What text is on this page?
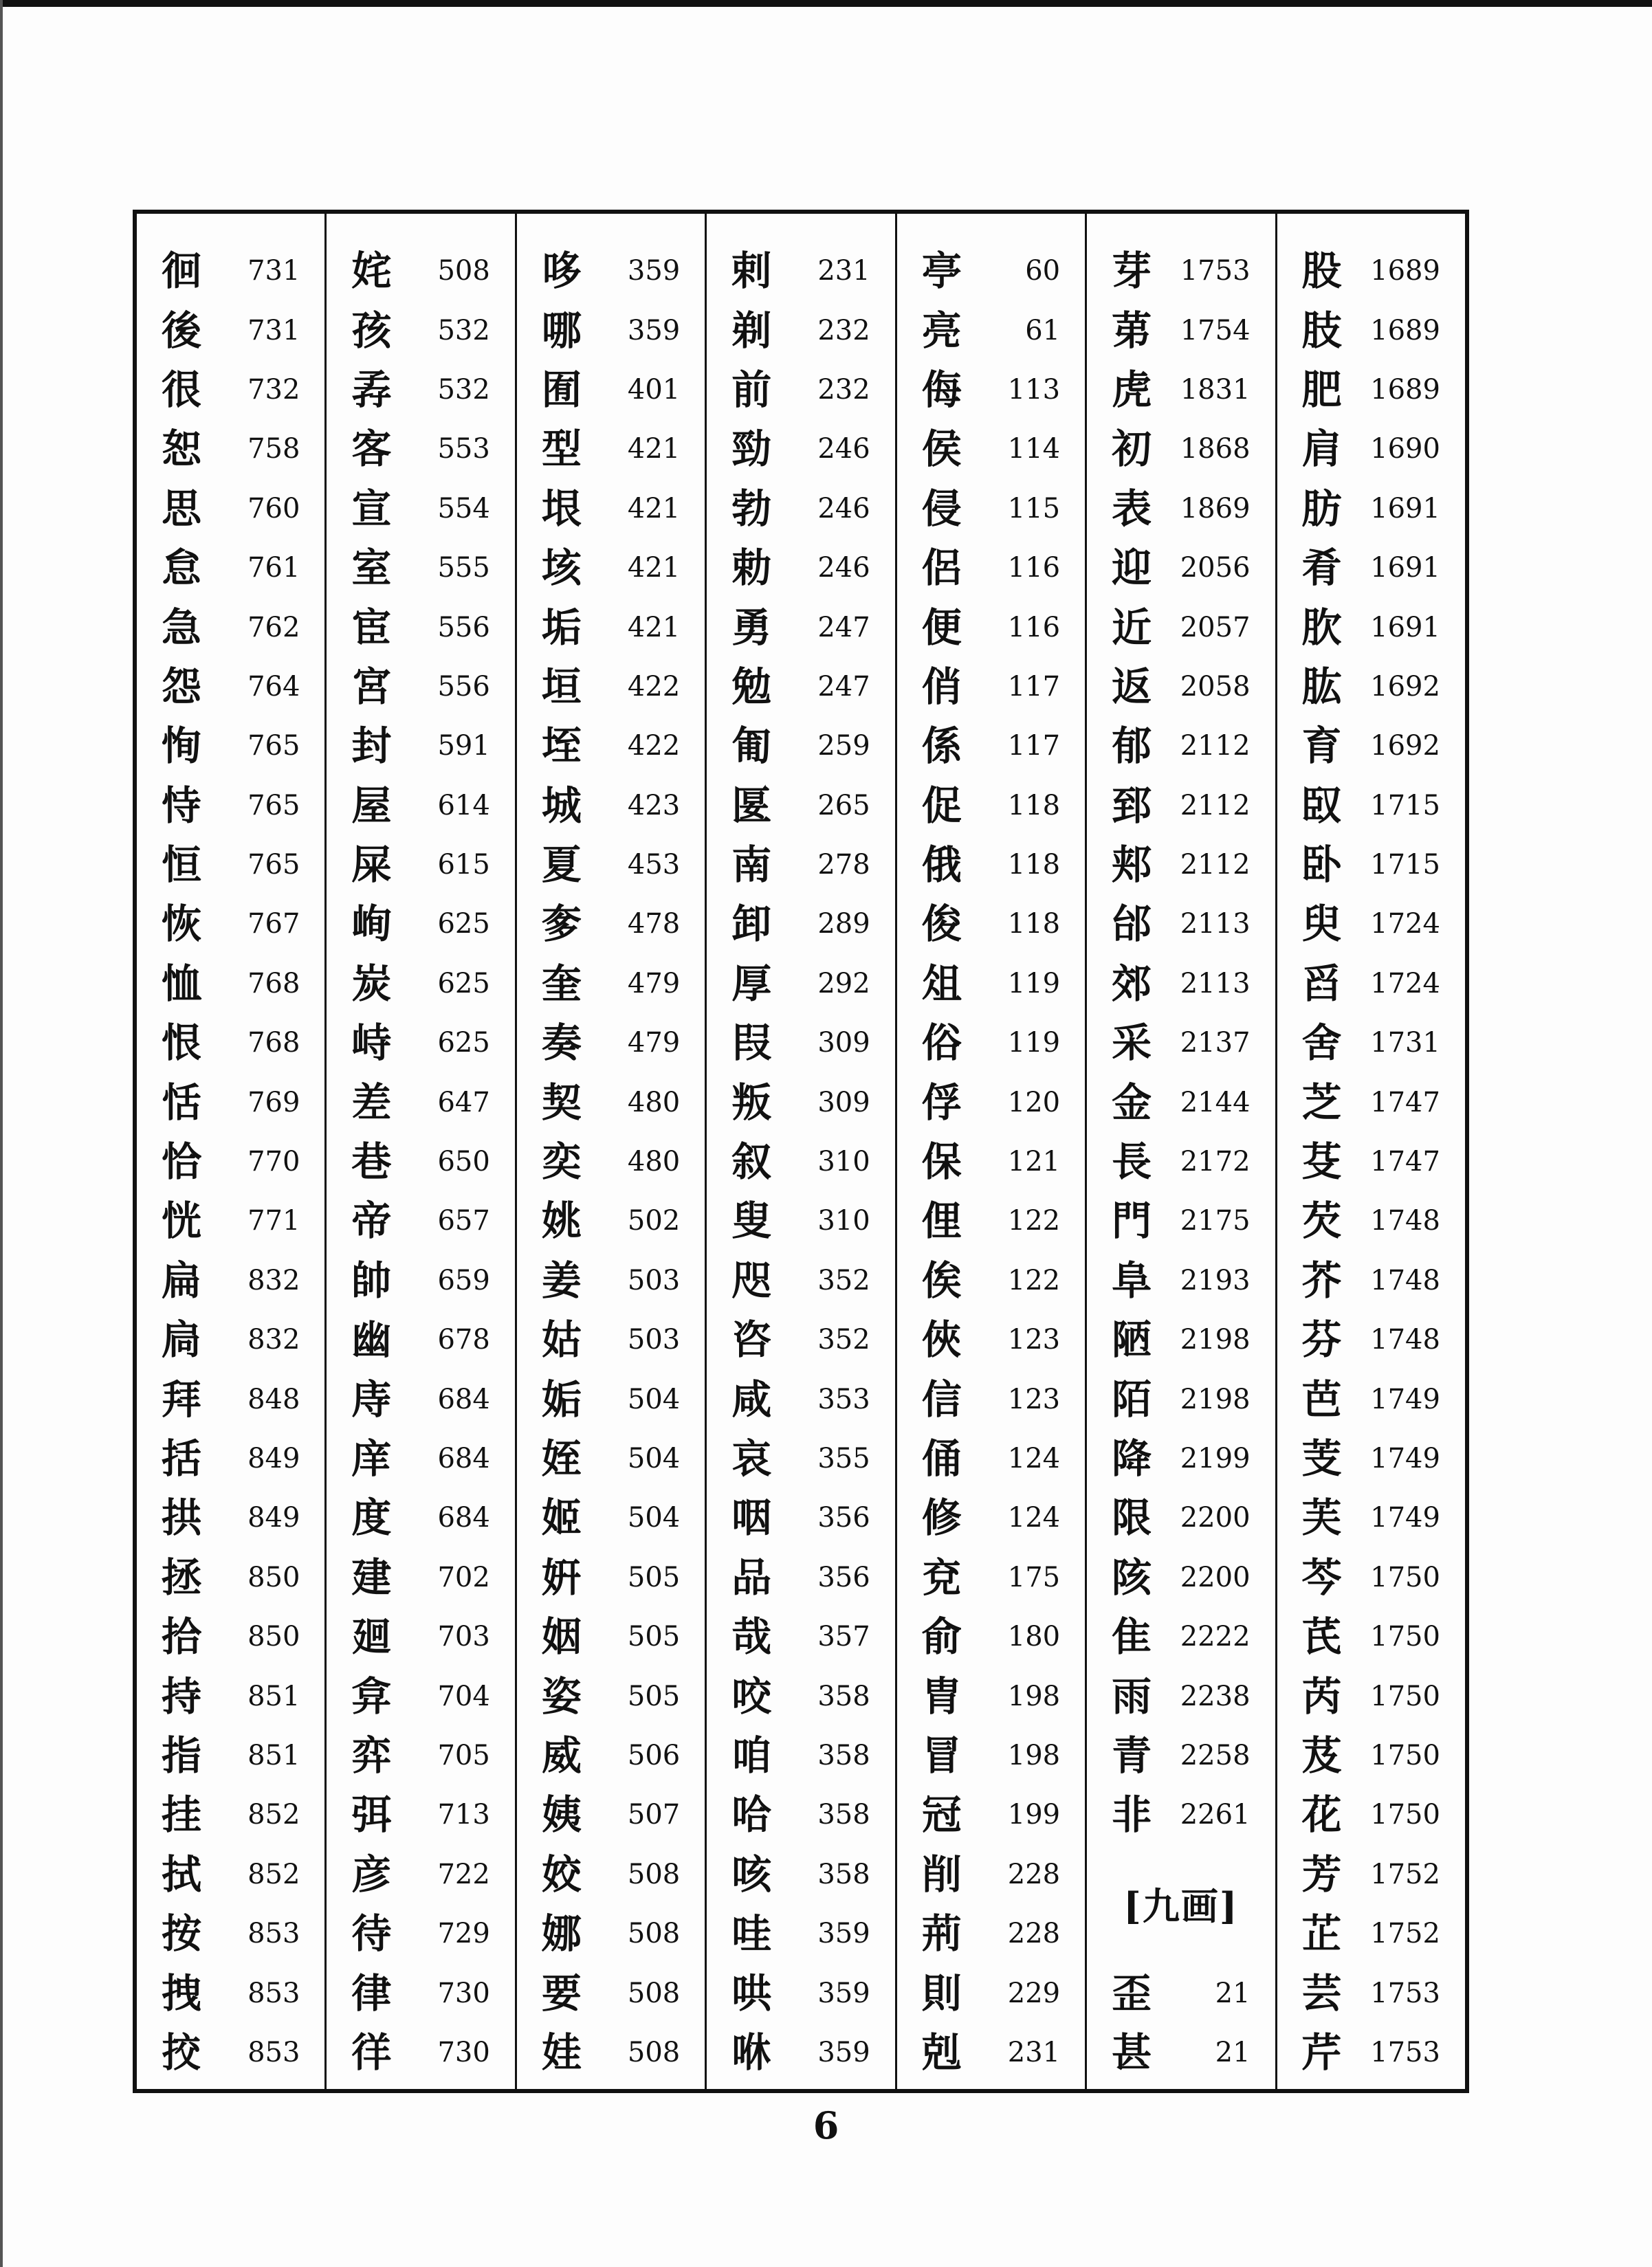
徊 731
後 731
很 732
恕 758
思 760
怠 761
急 762
怨 764
恂 765
恃 765
恒 765
恢 767
恤 768
恨 768
恬 769
恰 770
恍 771
扁 832
扃 832
拜 848
括 849
拱 849
拯 850
拾 850
持 851
指 851
挂 852
拭 852
按 853
拽 853
挍 853
姹 508
孩 532
孨 532
客 553
宣 554
室 555
宦 556
宮 556
封 591
屋 614
屎 615
峋 625
炭 625
峙 625
差 647
巷 650
帝 657
帥 659
幽 678
庤 684
庠 684
度 684
建 702
廻 703
弇 704
弈 705
弭 713
彦 722
待 729
律 730
徉 730
哆 359
哪 359
囿 401
型 421
垠 421
垓 421
垢 421
垣 422
垤 422
城 423
夏 453
奓 478
奎 479
奏 479
契 480
奕 480
姚 502
姜 503
姑 503
姤 504
姪 504
姬 504
姸 505
姻 505
姿 505
威 506
姨 507
姣 508
娜 508
要 508
娃 508
剌 231
剃 232
前 232
勁 246
勃 246
勅 246
勇 247
勉 247
匍 259
匽 265
南 278
卸 289
厚 292
叚 309
叛 309
叙 310
叟 310
咫 352
咨 352
咸 353
哀 355
咽 356
品 356
哉 357
咬 358
咱 358
哈 358
咳 358
哇 359
哄 359
咻 359
亭 60
亮 61
侮 113
侯 114
侵 115
侶 116
便 116
俏 117
係 117
促 118
俄 118
俊 118
俎 119
俗 119
俘 120
保 121
俚 122
俟 122
俠 123
信 123
俑 124
修 124
兗 175
俞 180
胄 198
冒 198
冠 199
削 228
荊 228
則 229
剋 231
芽 1753
苐 1754
虎 1831
初 1868
表 1869
迎 2056
近 2057
返 2058
郁 2112
郅 2112
郏 2112
邰 2113
郊 2113
采 2137
金 2144
長 2172
門 2175
阜 2193
陋 2198
陌 2198
降 2199
限 2200
陔 2200
隹 2222
雨 2238
青 2258
非 2261
[九画]
歪 21
甚 21
股 1689
肢 1689
肥 1689
肩 1690
肪 1691
肴 1691
肷 1691
肱 1692
育 1692
臤 1715
卧 1715
臾 1724
舀 1724
舍 1731
芝 1747
芟 1747
芡 1748
芥 1748
芬 1748
芭 1749
芰 1749
芙 1749
芩 1750
芪 1750
芮 1750
芨 1750
花 1750
芳 1752
芷 1752
芸 1753
芹 1753
6
